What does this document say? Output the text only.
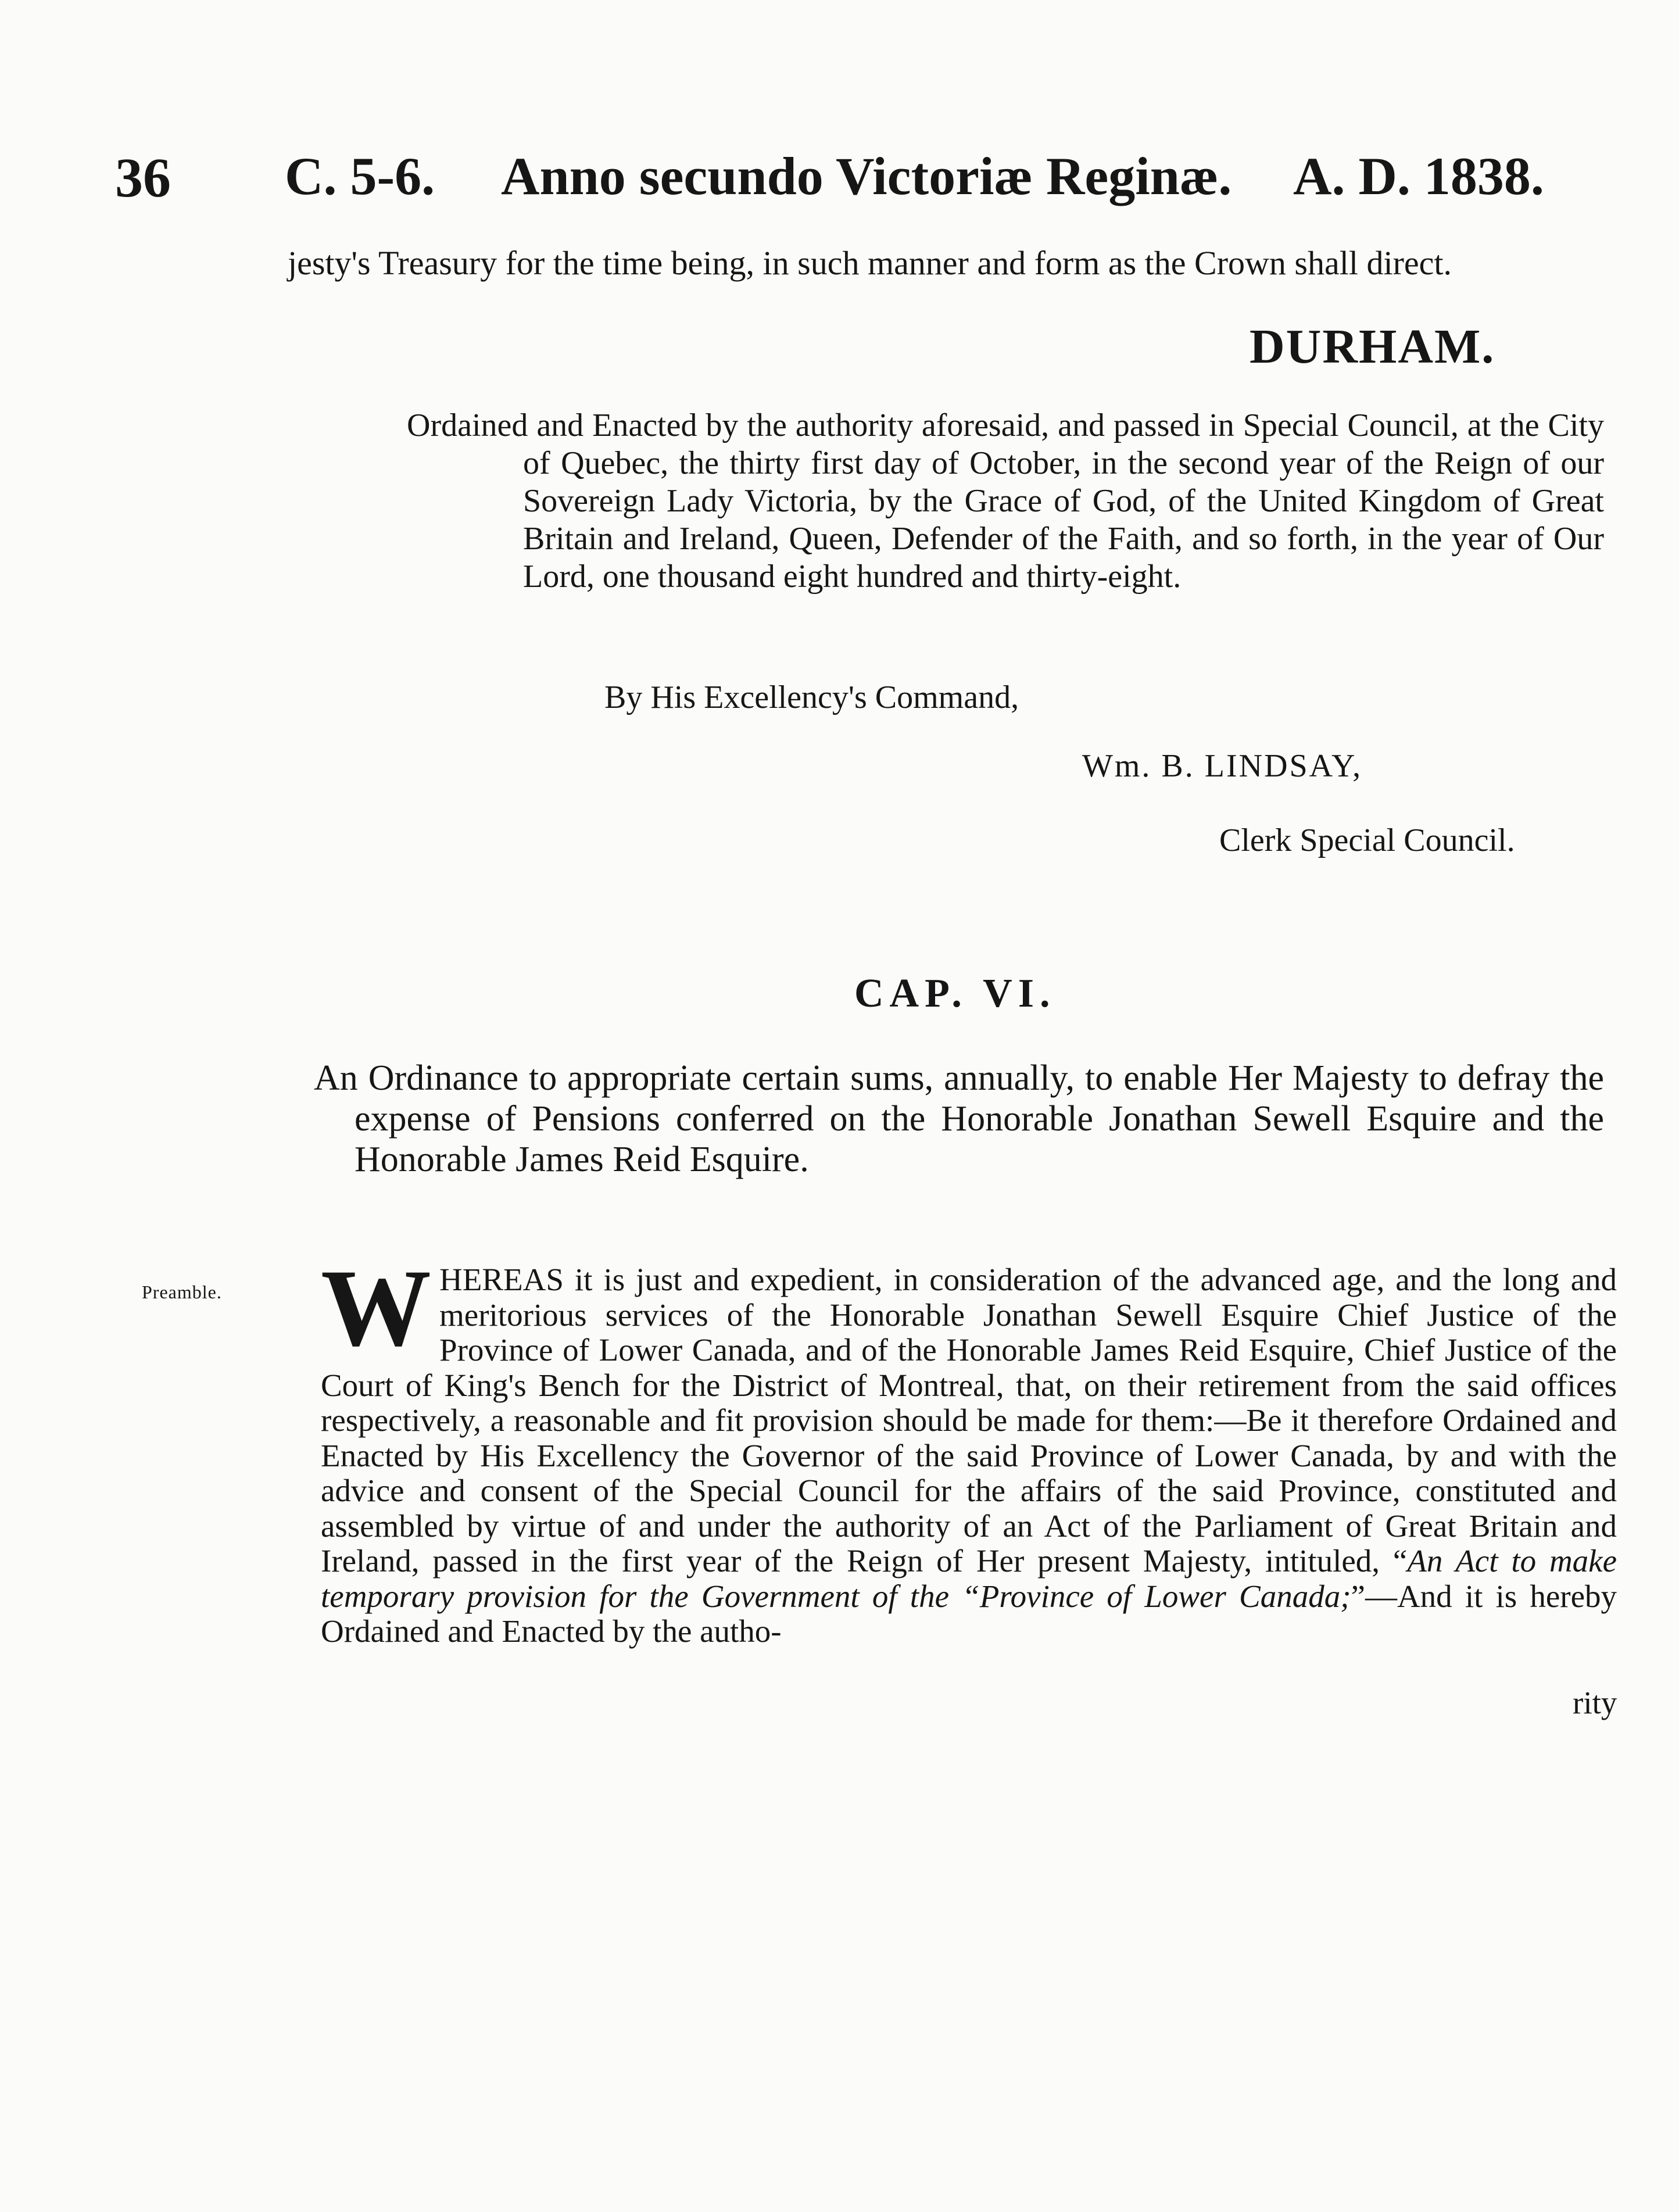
36 C. 5-6. Anno secundo Victoriæ Reginæ. A. D. 1838.
jesty's Treasury for the time being, in such manner and form as the Crown shall direct.
DURHAM.

Ordained and Enacted by the authority aforesaid, and passed in Special Council, at the City of Quebec, the thirty first day of October, in the second year of the Reign of our Sovereign Lady Victoria, by the Grace of God, of the United Kingdom of Great Britain and Ireland, Queen, Defender of the Faith, and so forth, in the year of Our Lord, one thousand eight hundred and thirty-eight.

By His Excellency's Command,
Wm. B. LINDSAY,
Clerk Special Council.
CAP. VI.

An Ordinance to appropriate certain sums, annually, to enable Her Majesty to defray the expense of Pensions conferred on the Honorable Jonathan Sewell Esquire and the Honorable James Reid Esquire.

Preamble. WHEREAS it is just and expedient, in consideration of the advanced age, and the long and meritorious services of the Honorable Jonathan Sewell Esquire Chief Justice of the Province of Lower Canada, and of the Honorable James Reid Esquire, Chief Justice of the Court of King's Bench for the District of Montreal, that, on their retirement from the said offices respectively, a reasonable and fit provision should be made for them:—Be it therefore Ordained and Enacted by His Excellency the Governor of the said Province of Lower Canada, by and with the advice and consent of the Special Council for the affairs of the said Province, constituted and assembled by virtue of and under the authority of an Act of the Parliament of Great Britain and Ireland, passed in the first year of the Reign of Her present Majesty, intituled, “An Act to make temporary provision for the Government of the “Province of Lower Canada;”—And it is hereby Ordained and Enacted by the autho-

rity
